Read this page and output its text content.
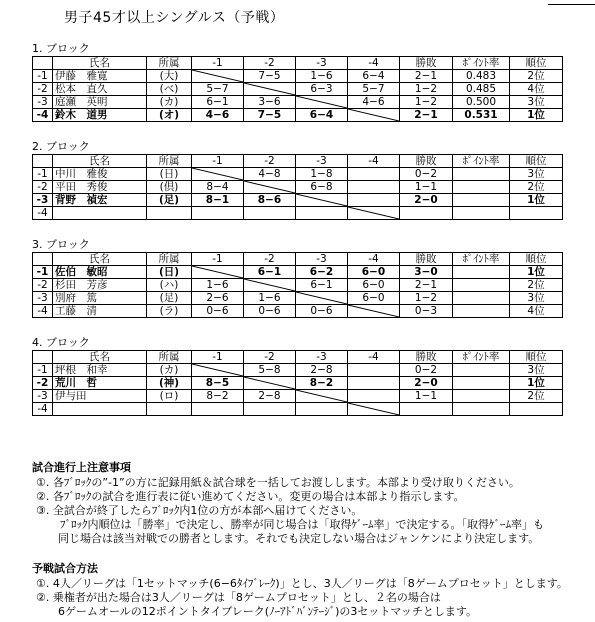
男子45才以上シングルス（予戦）
1. ブロック
	氏名	所属	-1	-2	-3	-4	勝敗	ﾎﾟｲﾝﾄ率	順位
-1	伊藤　雅寛	(大)		7−5	1−6	6−4	2−1	0.483	2位
-2	松本　直久	(ベ)	5−7		6−3	5−7	1−2	0.485	4位
-3	庭瀬　英明	(カ)	6−1	3−6		4−6	1−2	0.500	3位
-4	鈴木　道男	(オ)	4−6	7−5	6−4		2−1	0.531	1位
2. ブロック
	氏名	所属	-1	-2	-3	-4	勝敗	ﾎﾟｲﾝﾄ率	順位
-1	中川　雅俊	(日)		4−8	1−8		0−2		3位
-2	平田　秀俊	(倶)	8−4		6−8		1−1		2位
-3	背野　禎宏	(足)	8−1	8−6			2−0		1位
-4						

3. ブロック
	氏名	所属	-1	-2	-3	-4	勝敗	ﾎﾟｲﾝﾄ率	順位
-1	佐伯　敏昭	(日)		6−1	6−2	6−0	3−0		1位
-2	杉田　芳彦	(ハ)	1−6		6−1	6−0	2−1		2位
-3	別府　篤	(足)	2−6	1−6		6−0	1−2		3位
-4	工藤　清	(ラ)	0−6	0−6	0−6		0−3		4位
4. ブロック
	氏名	所属	-1	-2	-3	-4	勝敗	ﾎﾟｲﾝﾄ率	順位
-1	坪根　和幸	(カ)		5−8	2−8		0−2		3位
-2	荒川　哲	(神)	8−5		8−2		2−0		1位
-3	伊与田	(ロ)	8−2	2−8			1−1		2位
-4						

試合進行上注意事項
①. 各ﾌﾞﾛｯｸの”-1”の方に記録用紙＆試合球を一括してお渡しします。本部より受け取りください。
②. 各ﾌﾞﾛｯｸの試合を進行表に従い進めてください。変更の場合は本部より指示します。
③. 全試合が終了したらﾌﾞﾛｯｸ内1位の方が本部へ届けてください。
ﾌﾞﾛｯｸ内順位は「勝率」で決定し、勝率が同じ場合は「取得ｹﾞｰﾑ率」で決定する。「取得ｹﾞｰﾑ率」も
同じ場合は該当対戦での勝者とします。それでも決定しない場合はジャンケンにより決定します。
予戦試合方法
①. 4人／リーグは「1セットマッチ(6−6ﾀｲﾌﾞﾚｰｸ)」とし、3人／リーグは「8ゲームプロセット」とします。
②. 乗権者が出た場合は3人／リーグは「8ゲームプロセット」とし、２名の場合は
6ゲームオールの12ポイントタイブレーク(ﾉｰｱﾄﾞﾊﾞﾝﾃｰｼﾞ)の3セットマッチとします。
